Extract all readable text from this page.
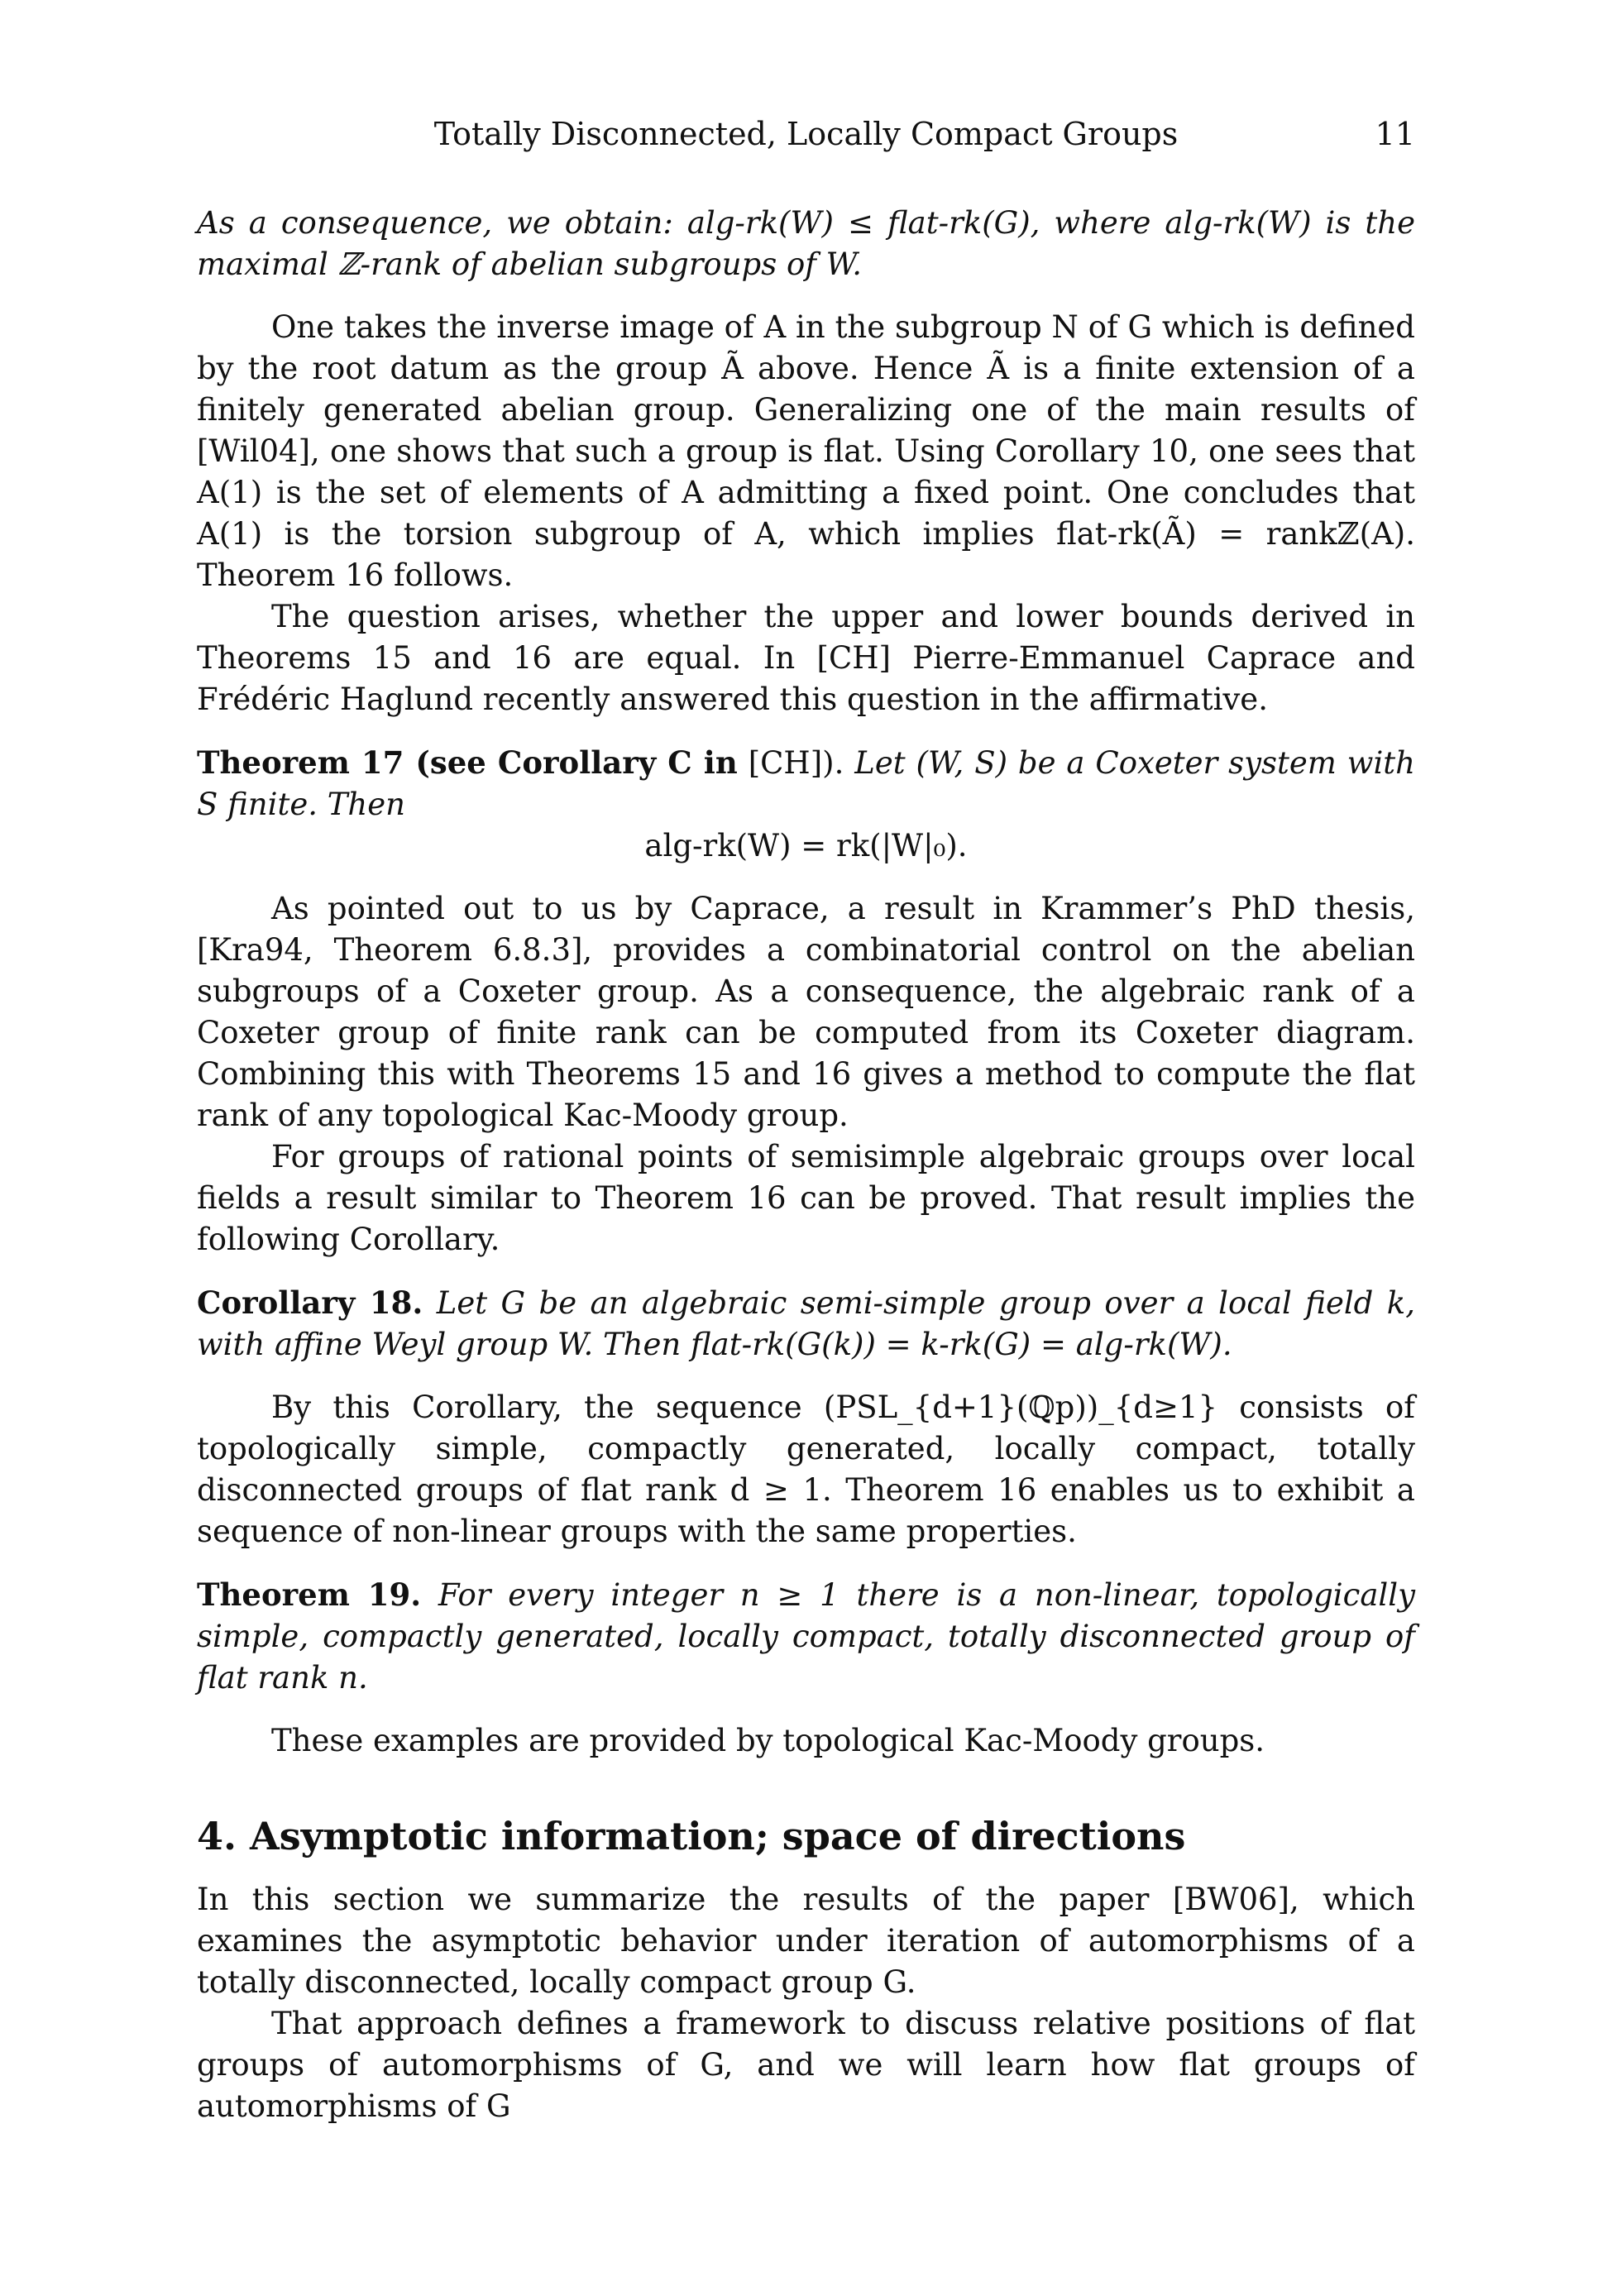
Totally Disconnected, Locally Compact Groups	11

As a consequence, we obtain: alg-rk(W) ≤ flat-rk(G), where alg-rk(W) is the maximal ℤ-rank of abelian subgroups of W.

One takes the inverse image of A in the subgroup N of G which is defined by the root datum as the group Ã above. Hence Ã is a finite extension of a finitely generated abelian group. Generalizing one of the main results of [Wil04], one shows that such a group is flat. Using Corollary 10, one sees that A(1) is the set of elements of A admitting a fixed point. One concludes that A(1) is the torsion subgroup of A, which implies flat-rk(Ã) = rankℤ(A). Theorem 16 follows.

The question arises, whether the upper and lower bounds derived in Theorems 15 and 16 are equal. In [CH] Pierre-Emmanuel Caprace and Frédéric Haglund recently answered this question in the affirmative.

Theorem 17 (see Corollary C in [CH]). Let (W, S) be a Coxeter system with S finite. Then

alg-rk(W) = rk(|W|₀).

As pointed out to us by Caprace, a result in Krammer’s PhD thesis, [Kra94, Theorem 6.8.3], provides a combinatorial control on the abelian subgroups of a Coxeter group. As a consequence, the algebraic rank of a Coxeter group of finite rank can be computed from its Coxeter diagram. Combining this with Theorems 15 and 16 gives a method to compute the flat rank of any topological Kac-Moody group.

For groups of rational points of semisimple algebraic groups over local fields a result similar to Theorem 16 can be proved. That result implies the following Corollary.

Corollary 18. Let G be an algebraic semi-simple group over a local field k, with affine Weyl group W. Then flat-rk(G(k)) = k-rk(G) = alg-rk(W).

By this Corollary, the sequence (PSL_{d+1}(ℚp))_{d≥1} consists of topologically simple, compactly generated, locally compact, totally disconnected groups of flat rank d ≥ 1. Theorem 16 enables us to exhibit a sequence of non-linear groups with the same properties.

Theorem 19. For every integer n ≥ 1 there is a non-linear, topologically simple, compactly generated, locally compact, totally disconnected group of flat rank n.

These examples are provided by topological Kac-Moody groups.

4. Asymptotic information; space of directions

In this section we summarize the results of the paper [BW06], which examines the asymptotic behavior under iteration of automorphisms of a totally disconnected, locally compact group G.

That approach defines a framework to discuss relative positions of flat groups of automorphisms of G, and we will learn how flat groups of automorphisms of G
